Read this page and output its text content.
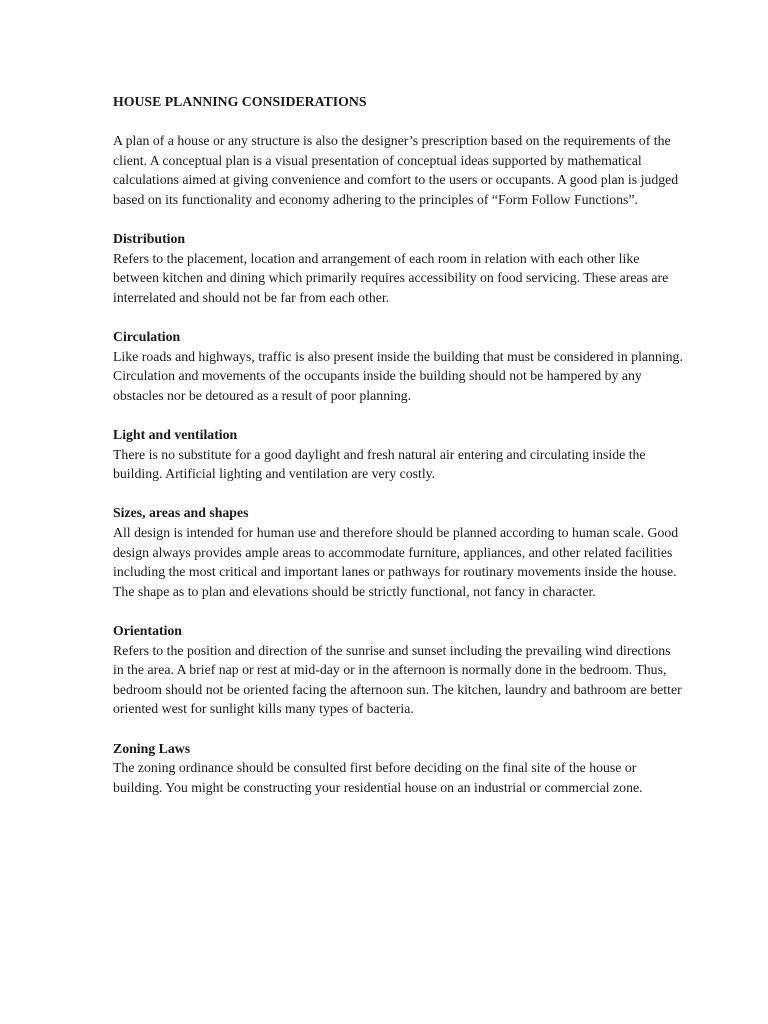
HOUSE PLANNING CONSIDERATIONS

A plan of a house or any structure is also the designer’s prescription based on the requirements of the client. A conceptual plan is a visual presentation of conceptual ideas supported by mathematical calculations aimed at giving convenience and comfort to the users or occupants. A good plan is judged based on its functionality and economy adhering to the principles of “Form Follow Functions”.

Distribution

Refers to the placement, location and arrangement of each room in relation with each other like between kitchen and dining which primarily requires accessibility on food servicing. These areas are interrelated and should not be far from each other.

Circulation

Like roads and highways, traffic is also present inside the building that must be considered in planning. Circulation and movements of the occupants inside the building should not be hampered by any obstacles nor be detoured as a result of poor planning.

Light and ventilation

There is no substitute for a good daylight and fresh natural air entering and circulating inside the building. Artificial lighting and ventilation are very costly.

Sizes, areas and shapes

All design is intended for human use and therefore should be planned according to human scale. Good design always provides ample areas to accommodate furniture, appliances, and other related facilities including the most critical and important lanes or pathways for routinary movements inside the house. The shape as to plan and elevations should be strictly functional, not fancy in character.

Orientation

Refers to the position and direction of the sunrise and sunset including the prevailing wind directions in the area. A brief nap or rest at mid-day or in the afternoon is normally done in the bedroom. Thus, bedroom should not be oriented facing the afternoon sun. The kitchen, laundry and bathroom are better oriented west for sunlight kills many types of bacteria.

Zoning Laws

The zoning ordinance should be consulted first before deciding on the final site of the house or building. You might be constructing your residential house on an industrial or commercial zone.
